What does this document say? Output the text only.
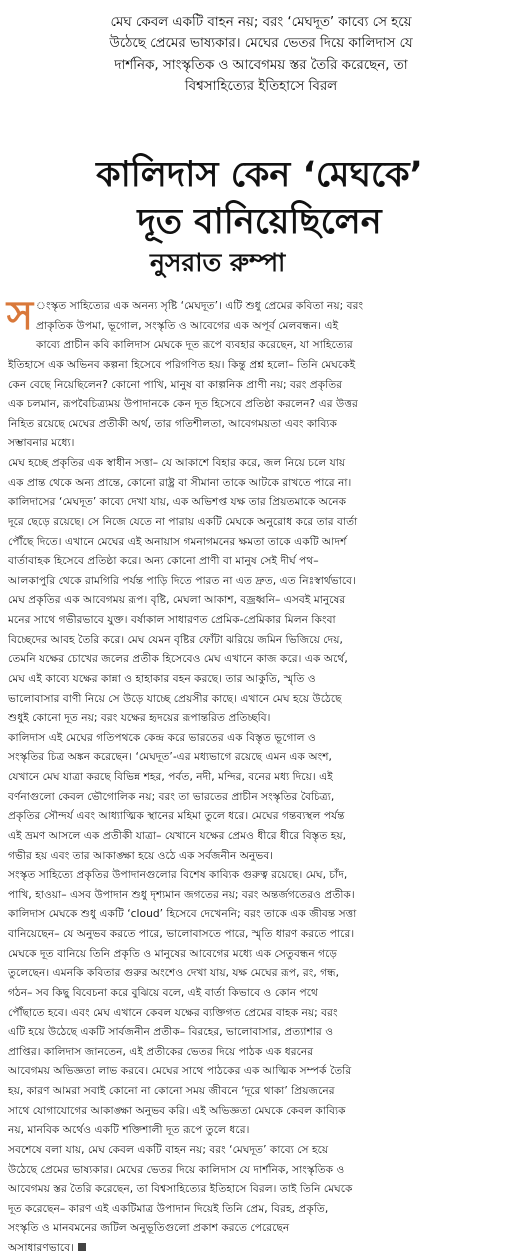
মেঘ কেবল একটি বাহন নয়; বরং ‘মেঘদূত’ কাব্যে সে হয়ে
উঠেছে প্রেমের ভাষ্যকার। মেঘের ভেতর দিয়ে কালিদাস যে
দার্শনিক, সাংস্কৃতিক ও আবেগময় স্তর তৈরি করেছেন, তা
বিশ্বসাহিত্যের ইতিহাসে বিরল
কালিদাস কেন ‘মেঘকে’
দূত বানিয়েছিলেন
নুসরাত রুম্পা
স ংস্কৃত সাহিত্যের এক অনন্য সৃষ্টি ‘মেঘদূত’। এটি শুধু প্রেমের কবিতা নয়; বরং
প্রাকৃতিক উপমা, ভূগোল, সংস্কৃতি ও আবেগের এক অপূর্ব মেলবন্ধন। এই
কাব্যে প্রাচীন কবি কালিদাস মেঘকে দূত রূপে ব্যবহার করেছেন, যা সাহিত্যের
ইতিহাসে এক অভিনব কল্পনা হিসেবে পরিগণিত হয়। কিন্তু প্রশ্ন হলো– তিনি মেঘকেই
কেন বেছে নিয়েছিলেন? কোনো পাখি, মানুষ বা কাল্পনিক প্রাণী নয়; বরং প্রকৃতির
এক চলমান, রূপবৈচিত্র্যময় উপাদানকে কেন দূত হিসেবে প্রতিষ্ঠা করলেন? এর উত্তর
নিহিত রয়েছে মেঘের প্রতীকী অর্থ, তার গতিশীলতা, আবেগময়তা এবং কাব্যিক
সম্ভাবনার মধ্যে।
মেঘ হচ্ছে প্রকৃতির এক স্বাধীন সত্তা– যে আকাশে বিহার করে, জল নিয়ে চলে যায়
এক প্রান্ত থেকে অন্য প্রান্তে, কোনো রাষ্ট্র বা সীমানা তাকে আটকে রাখতে পারে না।
কালিদাসের ‘মেঘদূত’ কাব্যে দেখা যায়, এক অভিশপ্ত যক্ষ তার প্রিয়তমাকে অনেক
দূরে ছেড়ে রয়েছে। সে নিজে যেতে না পারায় একটি মেঘকে অনুরোধ করে তার বার্তা
পৌঁছে দিতে। এখানে মেঘের এই অনায়াস গমনাগমনের ক্ষমতা তাকে একটি আদর্শ
বার্তাবাহক হিসেবে প্রতিষ্ঠা করে। অন্য কোনো প্রাণী বা মানুষ সেই দীর্ঘ পথ–
আলকাপুরি থেকে রামগিরি পর্যন্ত পাড়ি দিতে পারত না এত দ্রুত, এত নিঃস্বার্থভাবে।
মেঘ প্রকৃতির এক আবেগময় রূপ। বৃষ্টি, মেঘলা আকাশ, বজ্রধ্বনি– এসবই মানুষের
মনের সাথে গভীরভাবে যুক্ত। বর্ষাকাল সাধারণত প্রেমিক-প্রেমিকার মিলন কিংবা
বিচ্ছেদের আবহ তৈরি করে। মেঘ যেমন বৃষ্টির ফোঁটা ঝরিয়ে জমিন ভিজিয়ে দেয়,
তেমনি যক্ষের চোখের জলের প্রতীক হিসেবেও মেঘ এখানে কাজ করে। এক অর্থে,
মেঘ এই কাব্যে যক্ষের কান্না ও হাহাকার বহন করছে। তার আকুতি, স্মৃতি ও
ভালোবাসার বাণী নিয়ে সে উড়ে যাচ্ছে প্রেয়সীর কাছে। এখানে মেঘ হয়ে উঠেছে
শুধুই কোনো দূত নয়; বরং যক্ষের হৃদয়ের রূপান্তরিত প্রতিচ্ছবি।
কালিদাস এই মেঘের গতিপথকে কেন্দ্র করে ভারতের এক বিস্তৃত ভূগোল ও
সংস্কৃতির চিত্র অঙ্কন করেছেন। ‘মেঘদূত’-এর মধ্যভাগে রয়েছে এমন এক অংশ,
যেখানে মেঘ যাত্রা করছে বিভিন্ন শহর, পর্বত, নদী, মন্দির, বনের মধ্য দিয়ে। এই
বর্ণনাগুলো কেবল ভৌগোলিক নয়; বরং তা ভারতের প্রাচীন সংস্কৃতির বৈচিত্র্য,
প্রকৃতির সৌন্দর্য এবং আধ্যাত্মিক স্থানের মহিমা তুলে ধরে। মেঘের গন্তব্যস্থল পর্যন্ত
এই ভ্রমণ আসলে এক প্রতীকী যাত্রা– যেখানে যক্ষের প্রেমও ধীরে ধীরে বিস্তৃত হয়,
গভীর হয় এবং তার আকাঙ্ক্ষা হয়ে ওঠে এক সর্বজনীন অনুভব।
সংস্কৃত সাহিত্যে প্রকৃতির উপাদানগুলোর বিশেষ কাব্যিক গুরুত্ব রয়েছে। মেঘ, চাঁদ,
পাখি, হাওয়া– এসব উপাদান শুধু দৃশ্যমান জগতের নয়; বরং অন্তর্জগতেরও প্রতীক।
কালিদাস মেঘকে শুধু একটি ‘cloud’ হিসেবে দেখেননি; বরং তাকে এক জীবন্ত সত্তা
বানিয়েছেন– যে অনুভব করতে পারে, ভালোবাসতে পারে, স্মৃতি ধারণ করতে পারে।
মেঘকে দূত বানিয়ে তিনি প্রকৃতি ও মানুষের আবেগের মধ্যে এক সেতুবন্ধন গড়ে
তুলেছেন। এমনকি কবিতার গুরুর অংশেও দেখা যায়, যক্ষ মেঘের রূপ, রং, গন্ধ,
গঠন– সব কিছু বিবেচনা করে বুঝিয়ে বলে, এই বার্তা কিভাবে ও কোন পথে
পৌঁছাতে হবে। এবং মেঘ এখানে কেবল যক্ষের ব্যক্তিগত প্রেমের বাহক নয়; বরং
এটি হয়ে উঠেছে একটি সার্বজনীন প্রতীক– বিরহের, ভালোবাসার, প্রত্যাশার ও
প্রাপ্তির। কালিদাস জানতেন, এই প্রতীকের ভেতর দিয়ে পাঠক এক ধরনের
আবেগময় অভিজ্ঞতা লাভ করবে। মেঘের সাথে পাঠকের এক আত্মিক সম্পর্ক তৈরি
হয়, কারণ আমরা সবাই কোনো না কোনো সময় জীবনে ‘দূরে থাকা’ প্রিয়জনের
সাথে যোগাযোগের আকাঙ্ক্ষা অনুভব করি। এই অভিজ্ঞতা মেঘকে কেবল কাব্যিক
নয়, মানবিক অর্থেও একটি শক্তিশালী দূত রূপে তুলে ধরে।
সবশেষে বলা যায়, মেঘ কেবল একটি বাহন নয়; বরং ‘মেঘদূত’ কাব্যে সে হয়ে
উঠেছে প্রেমের ভাষ্যকার। মেঘের ভেতর দিয়ে কালিদাস যে দার্শনিক, সাংস্কৃতিক ও
আবেগময় স্তর তৈরি করেছেন, তা বিশ্বসাহিত্যের ইতিহাসে বিরল। তাই তিনি মেঘকে
দূত করেছেন– কারণ এই একটিমাত্র উপাদান দিয়েই তিনি প্রেম, বিরহ, প্রকৃতি,
সংস্কৃতি ও মানবমনের জটিল অনুভূতিগুলো প্রকাশ করতে পেরেছেন
অসাধারণভাবে।
